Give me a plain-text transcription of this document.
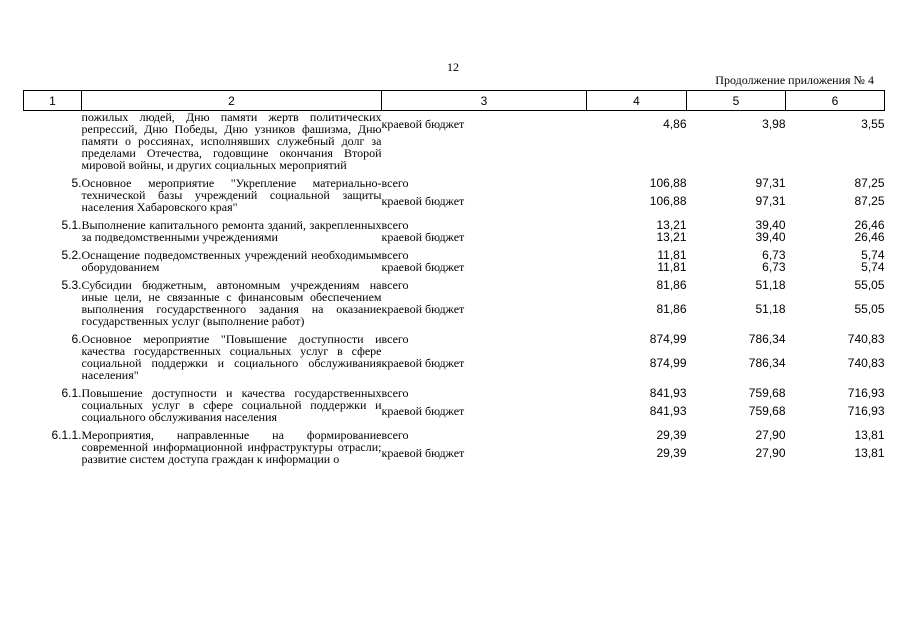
12
Продолжение приложения № 4
1	2	3	4	5	6
	пожилых людей, Дню памяти жертв политических репрессий, Дню Победы, Дню узников фашизма, Дню памяти о россиянах, исполнявших служебный долг за пределами Отечества, годовщине окончания Второй мировой войны, и других социальных мероприятий	краевой бюджет	4,86	3,98	3,55

5.	Основное мероприятие "Укрепление материально-технической базы учреждений социальной защиты населения Хабаровского края"	всего	106,88	97,31	87,25
		краевой бюджет	106,88	97,31	87,25

5.1.	Выполнение капитального ремонта зданий, закрепленных за подведомственными учреждениями	всего	13,21	39,40	26,46
		краевой бюджет	13,21	39,40	26,46

5.2.	Оснащение подведомственных учреждений необходимым оборудованием	всего	11,81	6,73	5,74
		краевой бюджет	11,81	6,73	5,74

5.3.	Субсидии бюджетным, автономным учреждениям на иные цели, не связанные с финансовым обеспечением выполнения государственного задания на оказание государственных услуг (выполнение работ)	всего	81,86	51,18	55,05
		краевой бюджет	81,86	51,18	55,05

6.	Основное мероприятие "Повышение доступности и качества государственных социальных услуг в сфере социальной поддержки и социального обслуживания населения"	всего	874,99	786,34	740,83
		краевой бюджет	874,99	786,34	740,83

6.1.	Повышение доступности и качества государственных социальных услуг в сфере социальной поддержки и социального обслуживания населения	всего	841,93	759,68	716,93
		краевой бюджет	841,93	759,68	716,93

6.1.1.	Мероприятия, направленные на формирование современной информационной инфраструктуры отрасли; развитие систем доступа граждан к информации о	всего	29,39	27,90	13,81
		краевой бюджет	29,39	27,90	13,81
